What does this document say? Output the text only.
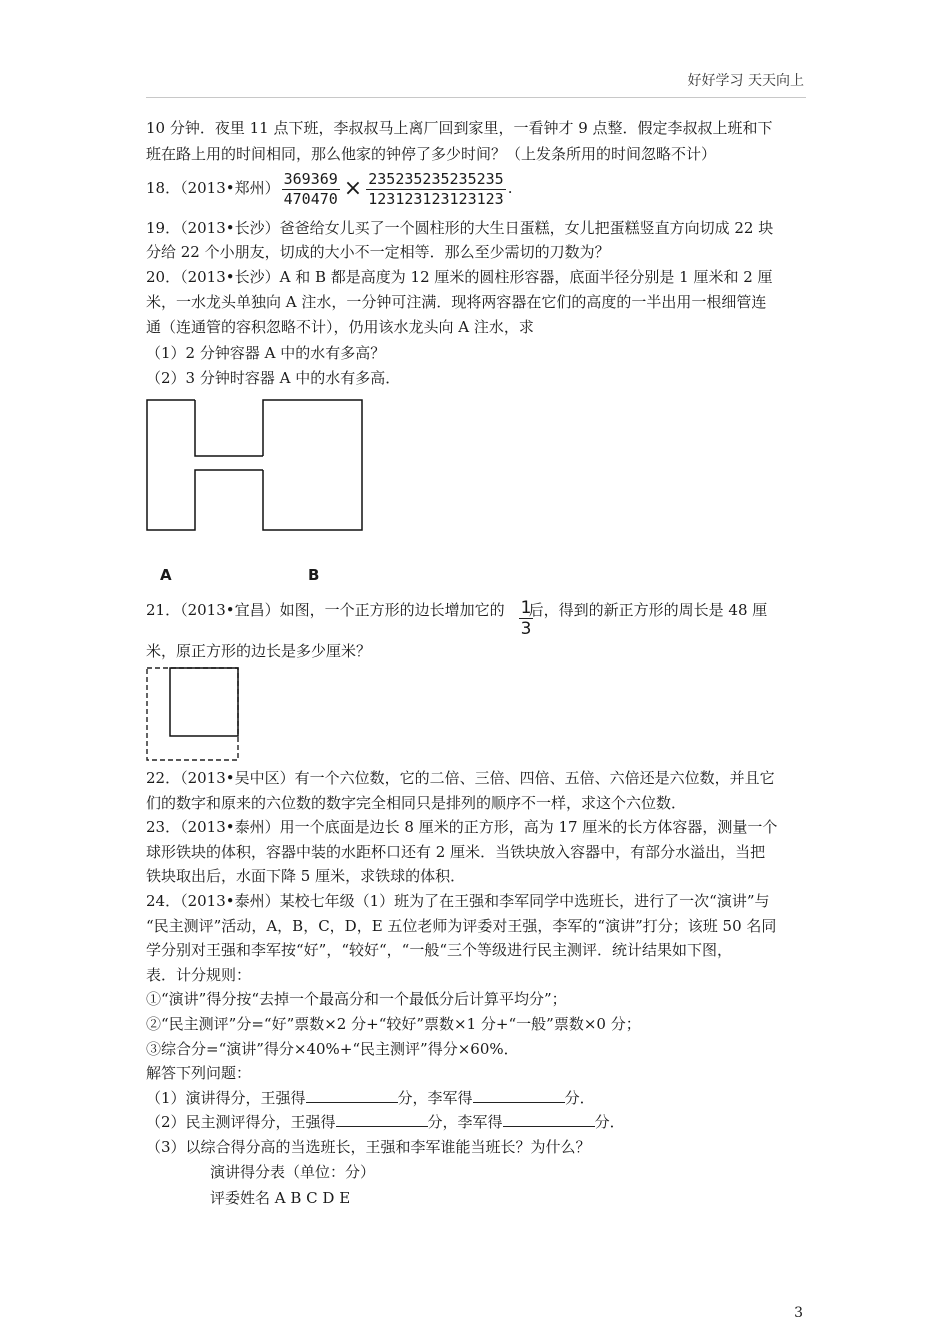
好好学习 天天向上
10 分钟．夜里 11 点下班，李叔叔马上离厂回到家里，一看钟才 9 点整．假定李叔叔上班和下
班在路上用的时间相同，那么他家的钟停了多少时间？（上发条所用的时间忽略不计）
18．（2013•郑州） $\frac{369369}{470470} \times \frac{235235235235235}{123123123123123}$ .
19．（2013•长沙）爸爸给女儿买了一个圆柱形的大生日蛋糕，女儿把蛋糕竖直方向切成 22 块
分给 22 个小朋友，切成的大小不一定相等．那么至少需切的刀数为？
20．（2013•长沙）A 和 B 都是高度为 12 厘米的圆柱形容器，底面半径分别是 1 厘米和 2 厘
米，一水龙头单独向 A 注水，一分钟可注满．现将两容器在它们的高度的一半出用一根细管连
通（连通管的容积忽略不计），仍用该水龙头向 A 注水，求
（1）2 分钟容器 A 中的水有多高？
（2）3 分钟时容器 A 中的水有多高．
A	B
21．（2013•宜昌）如图，一个正方形的边长增加它的 后，得到的新正方形的周长是 48 厘
1
3
米，原正方形的边长是多少厘米？
22．（2013•吴中区）有一个六位数，它的二倍、三倍、四倍、五倍、六倍还是六位数，并且它
们的数字和原来的六位数的数字完全相同只是排列的顺序不一样，求这个六位数．
23．（2013•泰州）用一个底面是边长 8 厘米的正方形，高为 17 厘米的长方体容器，测量一个
球形铁块的体积，容器中装的水距杯口还有 2 厘米．当铁块放入容器中，有部分水溢出，当把
铁块取出后，水面下降 5 厘米，求铁球的体积．
24．（2013•泰州）某校七年级（1）班为了在王强和李军同学中选班长，进行了一次“演讲”与
“民主测评”活动，A，B，C，D，E 五位老师为评委对王强，李军的“演讲”打分；该班 50 名同
学分别对王强和李军按“好”，“较好“，“一般“三个等级进行民主测评．统计结果如下图，
表．计分规则：
①“演讲”得分按“去掉一个最高分和一个最低分后计算平均分”；
②“民主测评”分=“好”票数×2 分+“较好”票数×1 分+“一般”票数×0 分；
③综合分=“演讲”得分×40%+“民主测评”得分×60%．
解答下列问题：
（1）演讲得分，王强得	分，李军得	分．
（2）民主测评得分，王强得	分，李军得	分．
（3）以综合得分高的当选班长，王强和李军谁能当班长？为什么？
演讲得分表（单位：分）
评委姓名 A B C D E
3
